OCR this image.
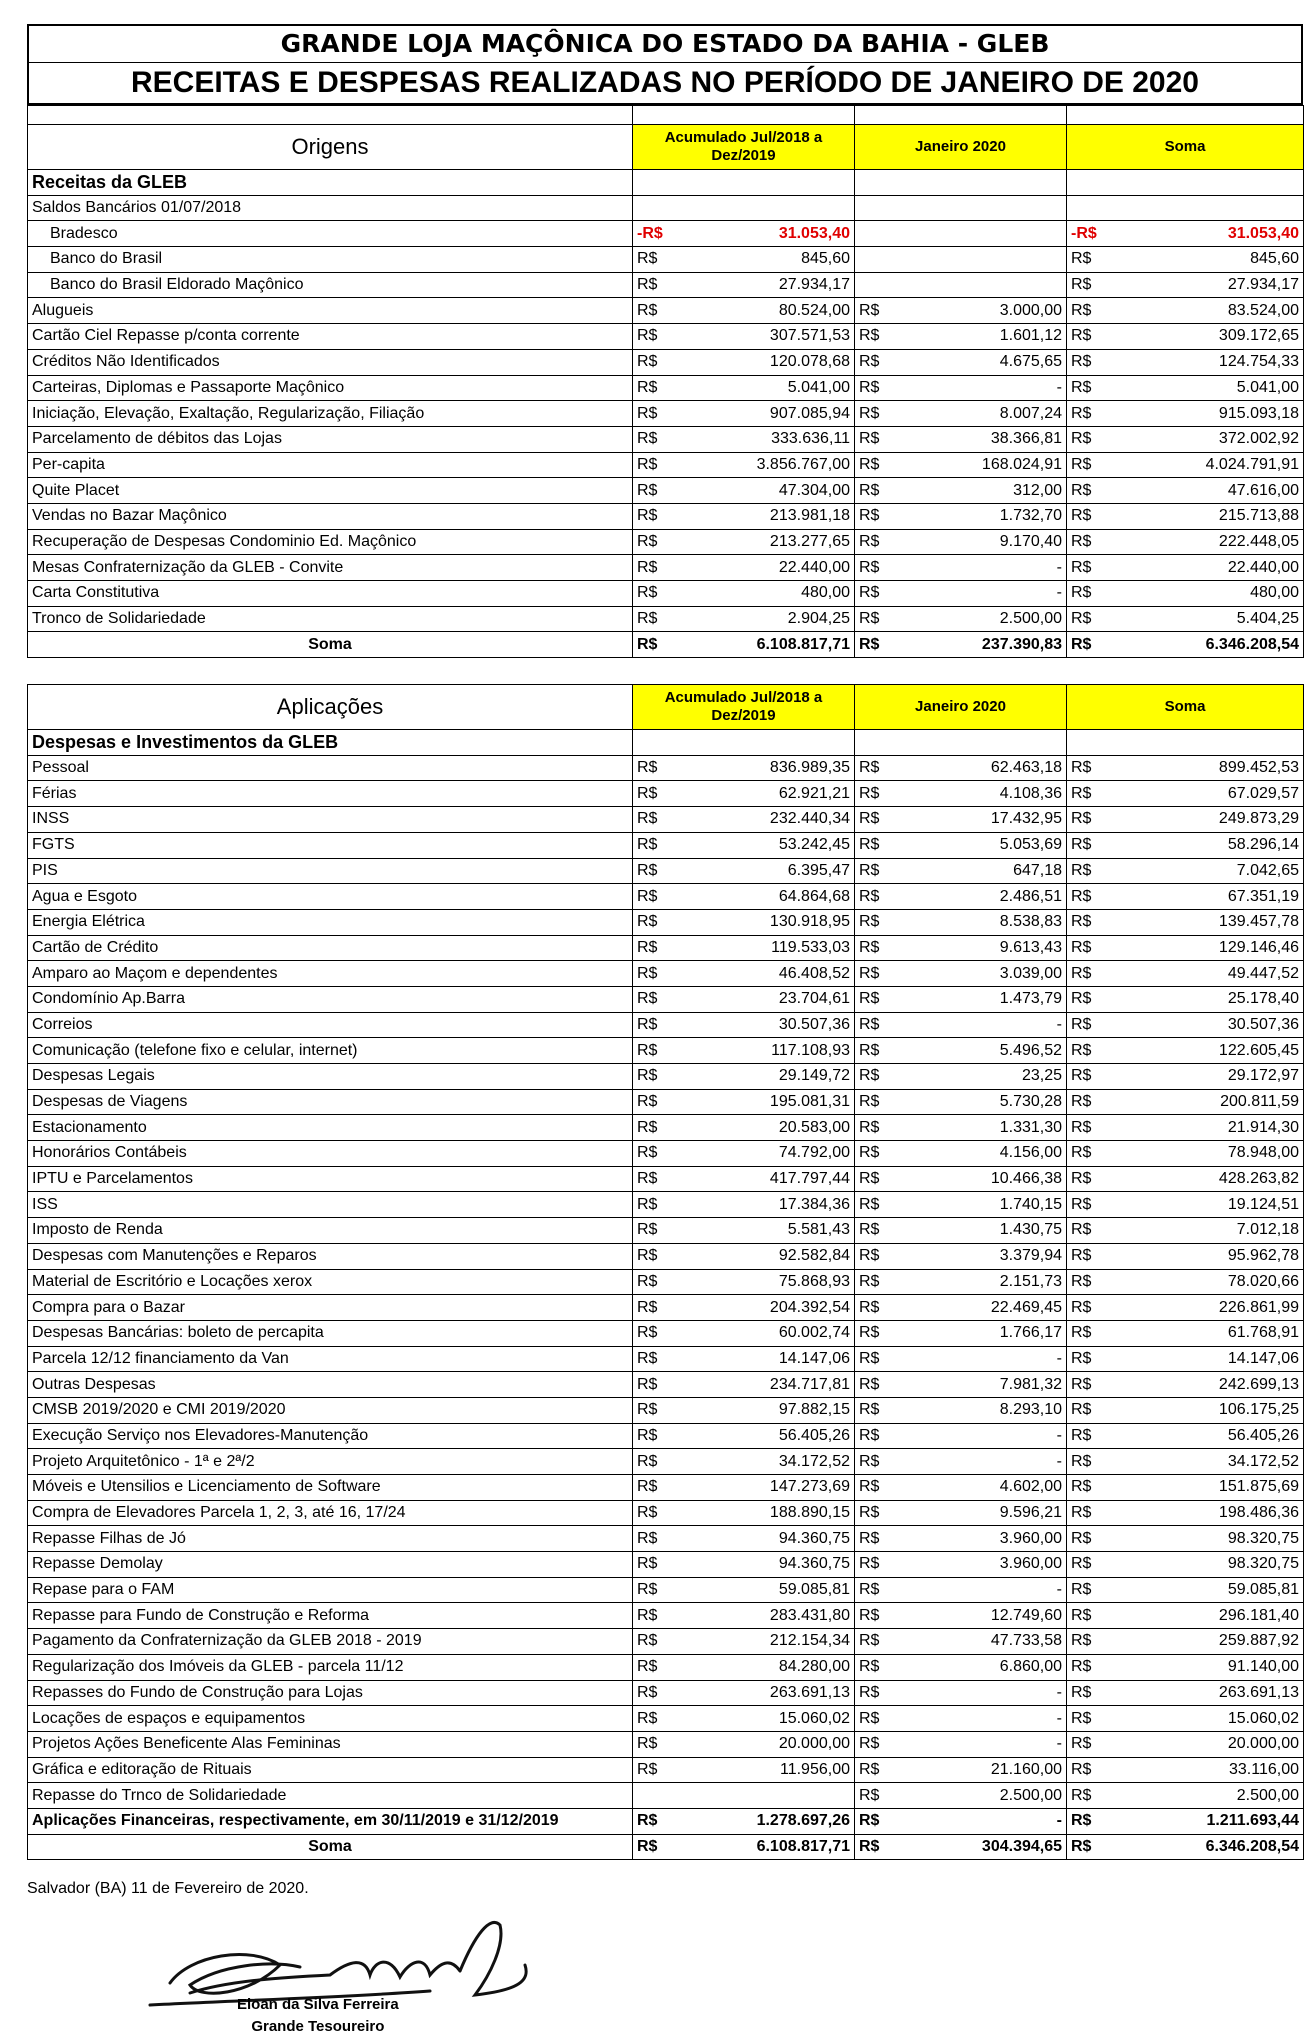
GRANDE LOJA MAÇÔNICA DO ESTADO DA BAHIA - GLEB
RECEITAS E DESPESAS REALIZADAS NO PERÍODO DE JANEIRO DE 2020

Origens	Acumulado Jul/2018 a Dez/2019	Janeiro 2020	Soma
Receitas da GLEB			
Saldos Bancários 01/07/2018			
Bradesco	-R$ 31.053,40		-R$ 31.053,40

Banco do Brasil	R$ 845,60		R$ 845,60

Banco do Brasil Eldorado Maçônico	R$ 27.934,17		R$ 27.934,17

Alugueis	R$ 80.524,00	R$ 3.000,00	R$ 83.524,00

Cartão Ciel Repasse p/conta corrente	R$ 307.571,53	R$ 1.601,12	R$ 309.172,65

Créditos Não Identificados	R$ 120.078,68	R$ 4.675,65	R$ 124.754,33

Carteiras, Diplomas e Passaporte Maçônico	R$ 5.041,00	R$ -	R$ 5.041,00

Iniciação, Elevação, Exaltação, Regularização, Filiação	R$ 907.085,94	R$ 8.007,24	R$ 915.093,18

Parcelamento de débitos das Lojas	R$ 333.636,11	R$ 38.366,81	R$ 372.002,92

Per-capita	R$ 3.856.767,00	R$ 168.024,91	R$ 4.024.791,91

Quite Placet	R$ 47.304,00	R$ 312,00	R$ 47.616,00

Vendas no Bazar Maçônico	R$ 213.981,18	R$ 1.732,70	R$ 215.713,88

Recuperação de Despesas Condominio Ed. Maçônico	R$ 213.277,65	R$ 9.170,40	R$ 222.448,05

Mesas Confraternização da GLEB - Convite	R$ 22.440,00	R$ -	R$ 22.440,00

Carta Constitutiva	R$ 480,00	R$ -	R$ 480,00

Tronco de Solidariedade	R$ 2.904,25	R$ 2.500,00	R$ 5.404,25

Soma	R$ 6.108.817,71	R$ 237.390,83	R$ 6.346.208,54
Aplicações	Acumulado Jul/2018 a Dez/2019	Janeiro 2020	Soma
Despesas e Investimentos da GLEB			
Pessoal	R$ 836.989,35	R$ 62.463,18	R$ 899.452,53

Férias	R$ 62.921,21	R$ 4.108,36	R$ 67.029,57

INSS	R$ 232.440,34	R$ 17.432,95	R$ 249.873,29

FGTS	R$ 53.242,45	R$ 5.053,69	R$ 58.296,14

PIS	R$ 6.395,47	R$ 647,18	R$ 7.042,65

Agua e Esgoto	R$ 64.864,68	R$ 2.486,51	R$ 67.351,19

Energia Elétrica	R$ 130.918,95	R$ 8.538,83	R$ 139.457,78

Cartão de Crédito	R$ 119.533,03	R$ 9.613,43	R$ 129.146,46

Amparo ao Maçom e dependentes	R$ 46.408,52	R$ 3.039,00	R$ 49.447,52

Condomínio Ap.Barra	R$ 23.704,61	R$ 1.473,79	R$ 25.178,40

Correios	R$ 30.507,36	R$ -	R$ 30.507,36

Comunicação (telefone fixo e celular, internet)	R$ 117.108,93	R$ 5.496,52	R$ 122.605,45

Despesas Legais	R$ 29.149,72	R$ 23,25	R$ 29.172,97

Despesas de Viagens	R$ 195.081,31	R$ 5.730,28	R$ 200.811,59

Estacionamento	R$ 20.583,00	R$ 1.331,30	R$ 21.914,30

Honorários Contábeis	R$ 74.792,00	R$ 4.156,00	R$ 78.948,00

IPTU e Parcelamentos	R$ 417.797,44	R$ 10.466,38	R$ 428.263,82

ISS	R$ 17.384,36	R$ 1.740,15	R$ 19.124,51

Imposto de Renda	R$ 5.581,43	R$ 1.430,75	R$ 7.012,18

Despesas com Manutenções e Reparos	R$ 92.582,84	R$ 3.379,94	R$ 95.962,78

Material de Escritório e Locações xerox	R$ 75.868,93	R$ 2.151,73	R$ 78.020,66

Compra para o Bazar	R$ 204.392,54	R$ 22.469,45	R$ 226.861,99

Despesas Bancárias: boleto de percapita	R$ 60.002,74	R$ 1.766,17	R$ 61.768,91

Parcela 12/12 financiamento da Van	R$ 14.147,06	R$ -	R$ 14.147,06

Outras Despesas	R$ 234.717,81	R$ 7.981,32	R$ 242.699,13

CMSB 2019/2020 e CMI 2019/2020	R$ 97.882,15	R$ 8.293,10	R$ 106.175,25

Execução Serviço nos Elevadores-Manutenção	R$ 56.405,26	R$ -	R$ 56.405,26

Projeto Arquitetônico - 1ª e 2ª/2	R$ 34.172,52	R$ -	R$ 34.172,52

Móveis e Utensilios e Licenciamento de Software	R$ 147.273,69	R$ 4.602,00	R$ 151.875,69

Compra de Elevadores Parcela 1, 2, 3, até 16, 17/24	R$ 188.890,15	R$ 9.596,21	R$ 198.486,36

Repasse Filhas de Jó	R$ 94.360,75	R$ 3.960,00	R$ 98.320,75

Repasse Demolay	R$ 94.360,75	R$ 3.960,00	R$ 98.320,75

Repase para o FAM	R$ 59.085,81	R$ -	R$ 59.085,81

Repasse para Fundo de Construção e Reforma	R$ 283.431,80	R$ 12.749,60	R$ 296.181,40

Pagamento da Confraternização da GLEB 2018 - 2019	R$ 212.154,34	R$ 47.733,58	R$ 259.887,92

Regularização dos Imóveis da GLEB - parcela 11/12	R$ 84.280,00	R$ 6.860,00	R$ 91.140,00

Repasses do Fundo de Construção para Lojas	R$ 263.691,13	R$ -	R$ 263.691,13

Locações de espaços e equipamentos	R$ 15.060,02	R$ -	R$ 15.060,02

Projetos Ações Beneficente Alas Femininas	R$ 20.000,00	R$ -	R$ 20.000,00

Gráfica e editoração de Rituais	R$ 11.956,00	R$ 21.160,00	R$ 33.116,00

Repasse do Trnco de Solidariedade		R$ 2.500,00	R$ 2.500,00

Aplicações Financeiras, respectivamente, em 30/11/2019 e 31/12/2019	R$ 1.278.697,26	R$ -	R$ 1.211.693,44

Soma	R$ 6.108.817,71	R$ 304.394,65	R$ 6.346.208,54
Salvador (BA) 11 de Fevereiro de 2020.
Eloan da Silva Ferreira
Grande Tesoureiro
